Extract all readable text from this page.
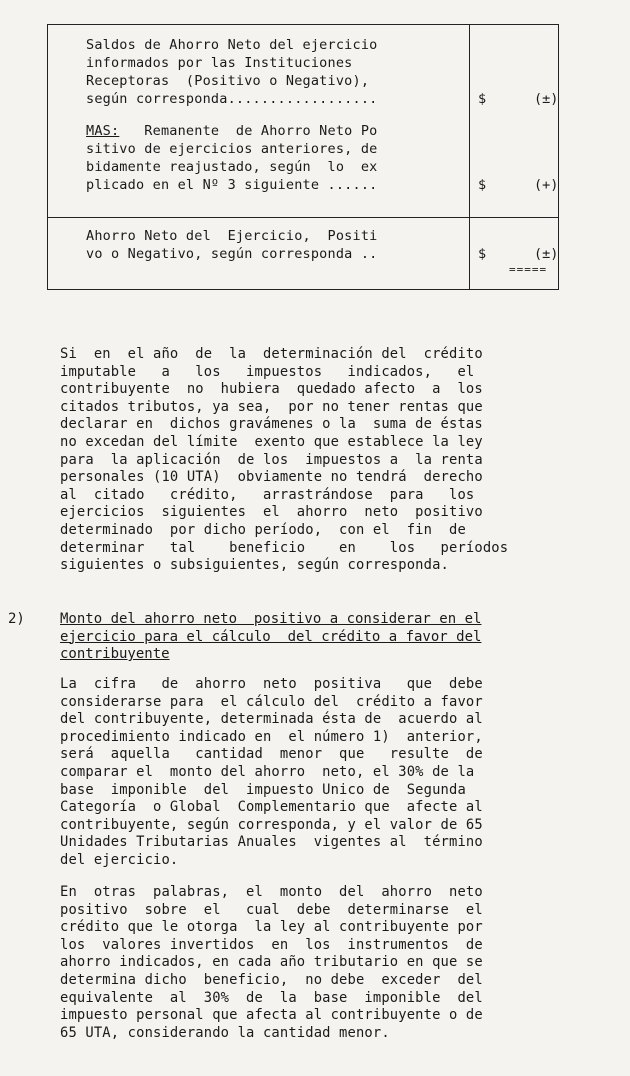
Saldos de Ahorro Neto del ejercicio
informados por las Instituciones
Receptoras  (Positivo o Negativo),
según corresponda..................	$	(±)
MAS:	Remanente  de Ahorro Neto Po
sitivo de ejercicios anteriores, de
bidamente reajustado, según  lo  ex
plicado en el Nº 3 siguiente ......	$	(+)
Ahorro Neto del  Ejercicio,  Positi
vo o Negativo, según corresponda ..	$	(±)
=====
Si  en  el año  de  la  determinación del  crédito
imputable   a   los   impuestos   indicados,   el
contribuyente  no  hubiera  quedado afecto  a  los
citados tributos, ya sea,  por no tener rentas que
declarar en  dichos gravámenes o la  suma de éstas
no excedan del límite  exento que establece la ley
para  la aplicación  de los  impuestos a  la renta
personales (10 UTA)  obviamente no tendrá  derecho
al  citado   crédito,   arrastrándose  para   los
ejercicios  siguientes  el  ahorro  neto  positivo
determinado  por dicho período,  con el  fin  de
determinar   tal    beneficio    en    los   períodos
siguientes o subsiguientes, según corresponda.
2)	Monto del ahorro neto  positivo a considerar en el
ejercicio para el cálculo  del crédito a favor del
contribuyente
La  cifra   de  ahorro  neto  positiva   que  debe
considerarse para  el cálculo del  crédito a favor
del contribuyente, determinada ésta de  acuerdo al
procedimiento indicado en  el número 1)  anterior,
será  aquella   cantidad  menor  que   resulte  de
comparar el  monto del ahorro  neto, el 30% de la
base  imponible  del  impuesto Unico de  Segunda
Categoría  o Global  Complementario que  afecte al
contribuyente, según corresponda, y el valor de 65
Unidades Tributarias Anuales  vigentes al  término
del ejercicio.
En  otras  palabras,  el  monto  del  ahorro  neto
positivo  sobre  el   cual  debe  determinarse  el
crédito que le otorga  la ley al contribuyente por
los  valores invertidos  en  los  instrumentos  de
ahorro indicados, en cada año tributario en que se
determina dicho  beneficio,  no debe  exceder  del
equivalente  al  30%  de  la  base  imponible  del
impuesto personal que afecta al contribuyente o de
65 UTA, considerando la cantidad menor.
